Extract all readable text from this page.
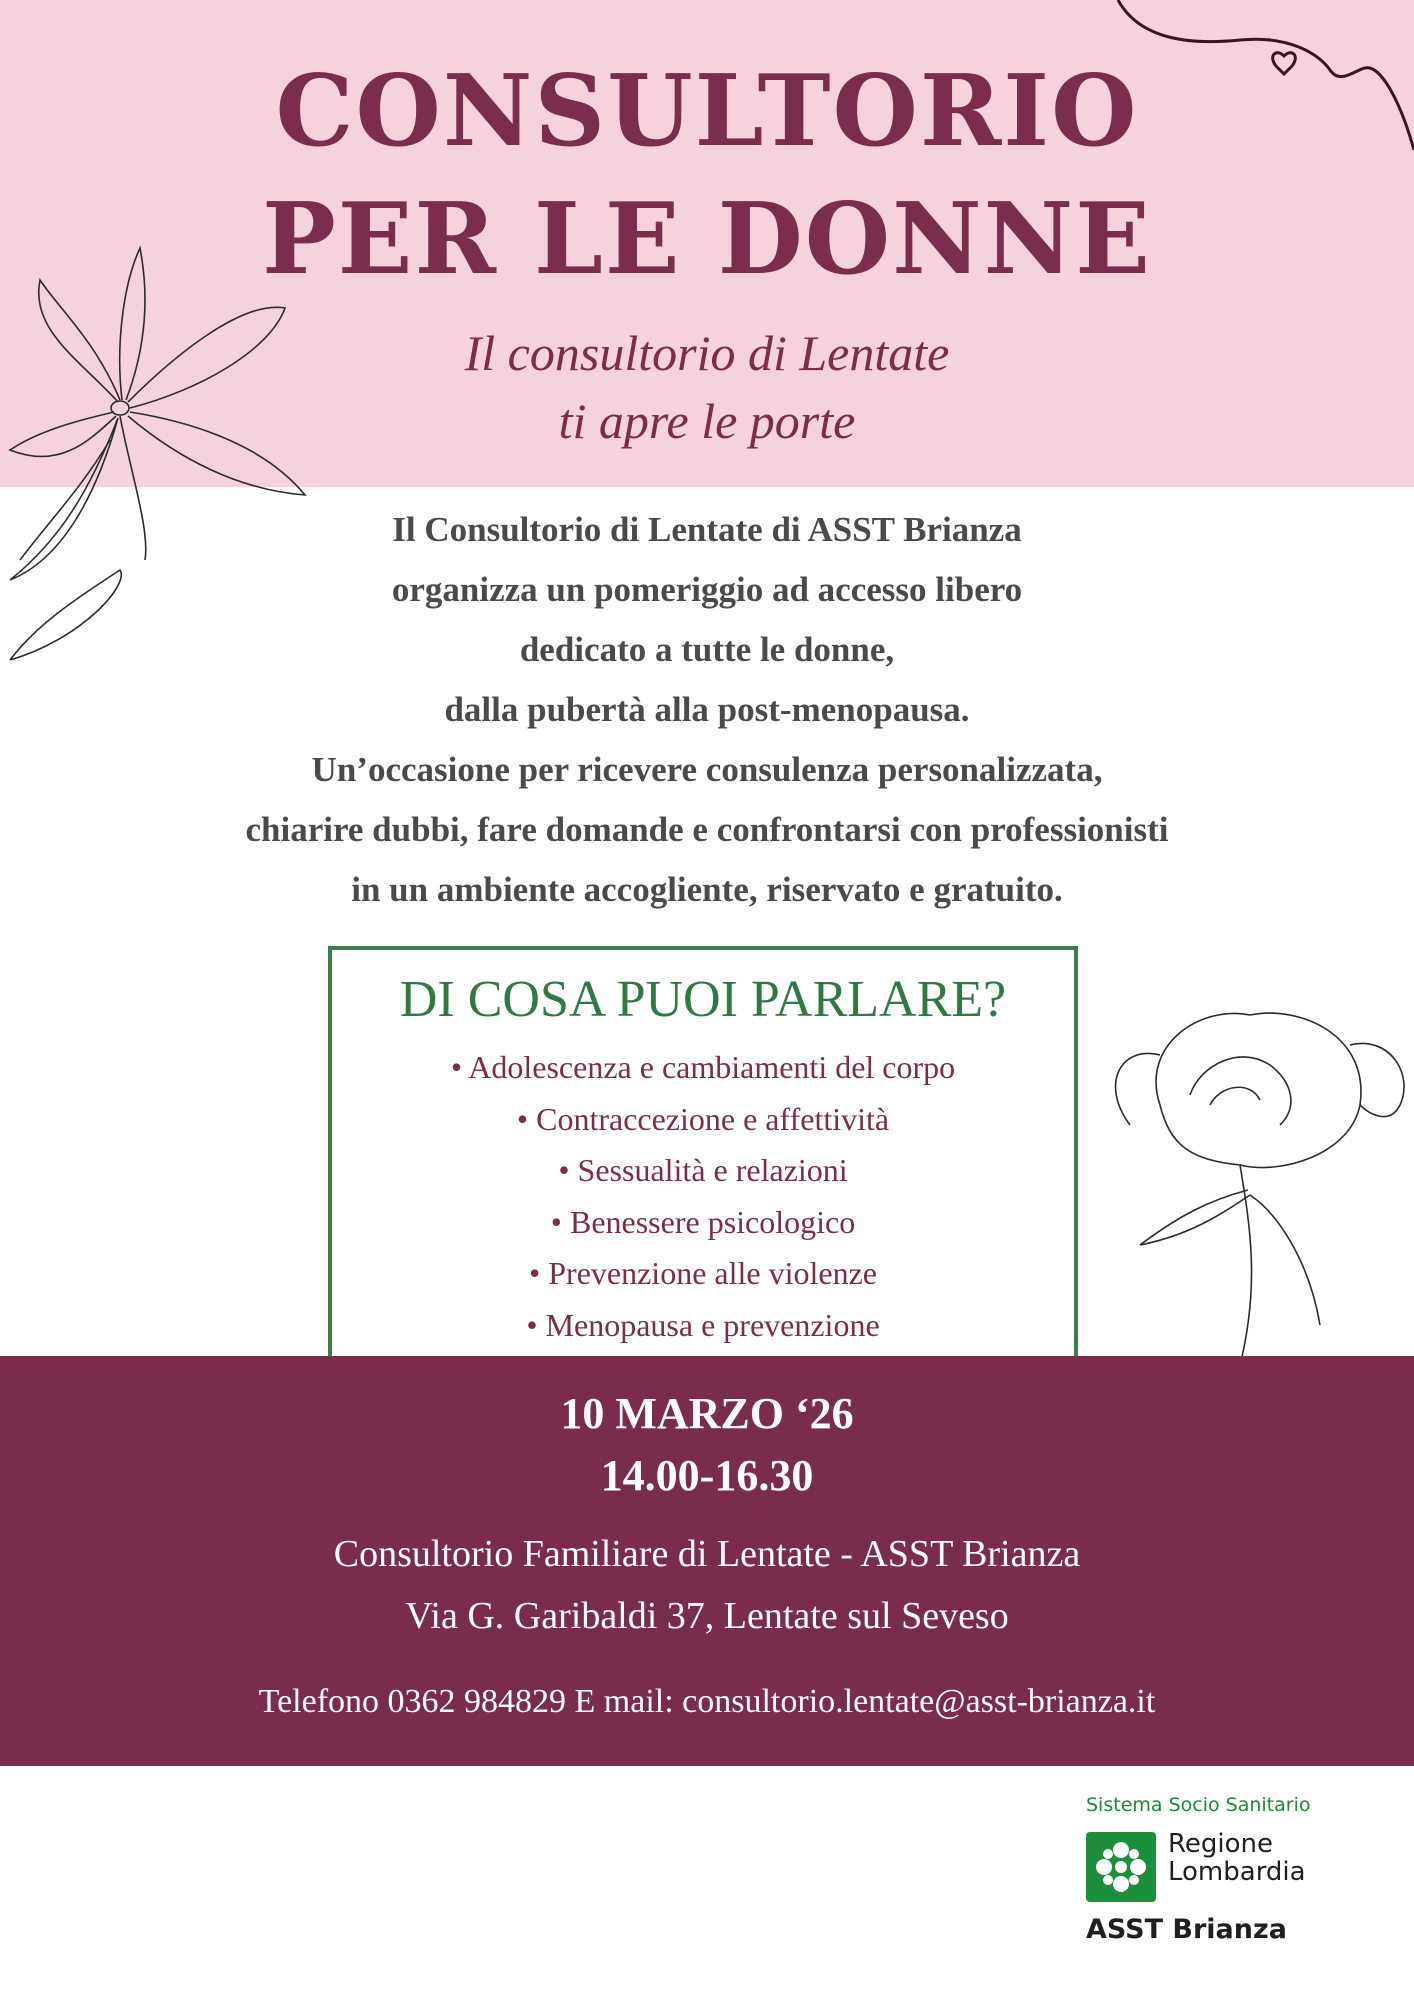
CONSULTORIO
PER LE DONNE
Il consultorio di Lentate
ti apre le porte
Il Consultorio di Lentate di ASST Brianza
organizza un pomeriggio ad accesso libero
dedicato a tutte le donne,
dalla pubertà alla post-menopausa.
Un’occasione per ricevere consulenza personalizzata,
chiarire dubbi, fare domande e confrontarsi con professionisti
in un ambiente accogliente, riservato e gratuito.
DI COSA PUOI PARLARE?
• Adolescenza e cambiamenti del corpo
• Contraccezione e affettività
• Sessualità e relazioni
• Benessere psicologico
• Prevenzione alle violenze
• Menopausa e prevenzione
10 MARZO ‘26
14.00-16.30
Consultorio Familiare di Lentate - ASST Brianza
Via G. Garibaldi 37, Lentate sul Seveso
Telefono 0362 984829 E mail: consultorio.lentate@asst-brianza.it
Sistema Socio Sanitario
Regione
Lombardia
ASST Brianza
